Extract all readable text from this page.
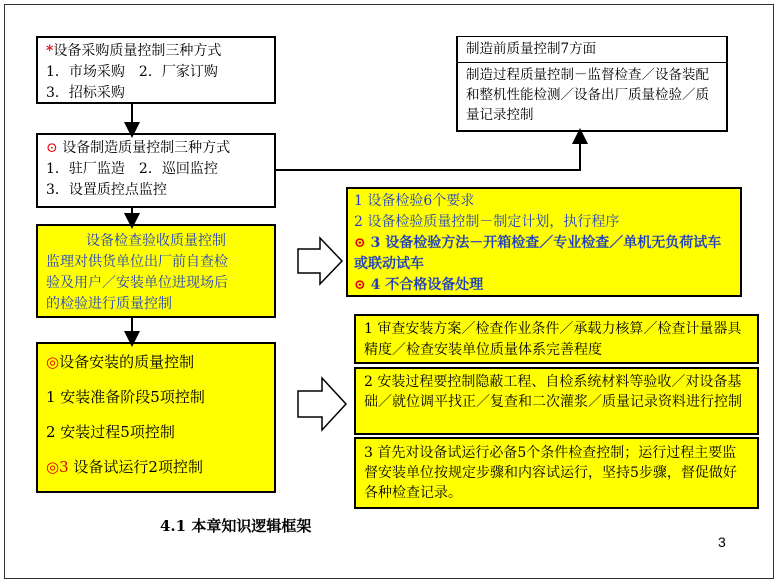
*设备采购质量控制三种方式
1．市场采购　2．厂家订购
3．招标采购
⊙ 设备制造质量控制三种方式
1．驻厂监造　2．巡回监控
3．设置质控点监控
设备检查验收质量控制
监理对供货单位出厂前自查检
验及用户／安装单位进现场后
的检验进行质量控制
◎设备安装的质量控制
1 安装准备阶段5项控制
2 安装过程5项控制
◎3 设备试运行2项控制
制造前质量控制7方面
制造过程质量控制－监督检查／设备装配和整机性能检测／设备出厂质量检验／质量记录控制
1 设备检验6个要求
2 设备检验质量控制－制定计划，执行程序
⊙ 3 设备检验方法－开箱检查／专业检查／单机无负荷试车或联动试车
⊙ 4 不合格设备处理
1 审查安装方案／检查作业条件／承载力核算／检查计量器具精度／检查安装单位质量体系完善程度
2 安装过程要控制隐蔽工程、自检系统材料等验收／对设备基础／就位调平找正／复查和二次灌浆／质量记录资料进行控制
3 首先对设备试运行必备5个条件检查控制；运行过程主要监督安装单位按规定步骤和内容试运行，坚持5步骤，督促做好各种检查记录。
4.1 本章知识逻辑框架
3
